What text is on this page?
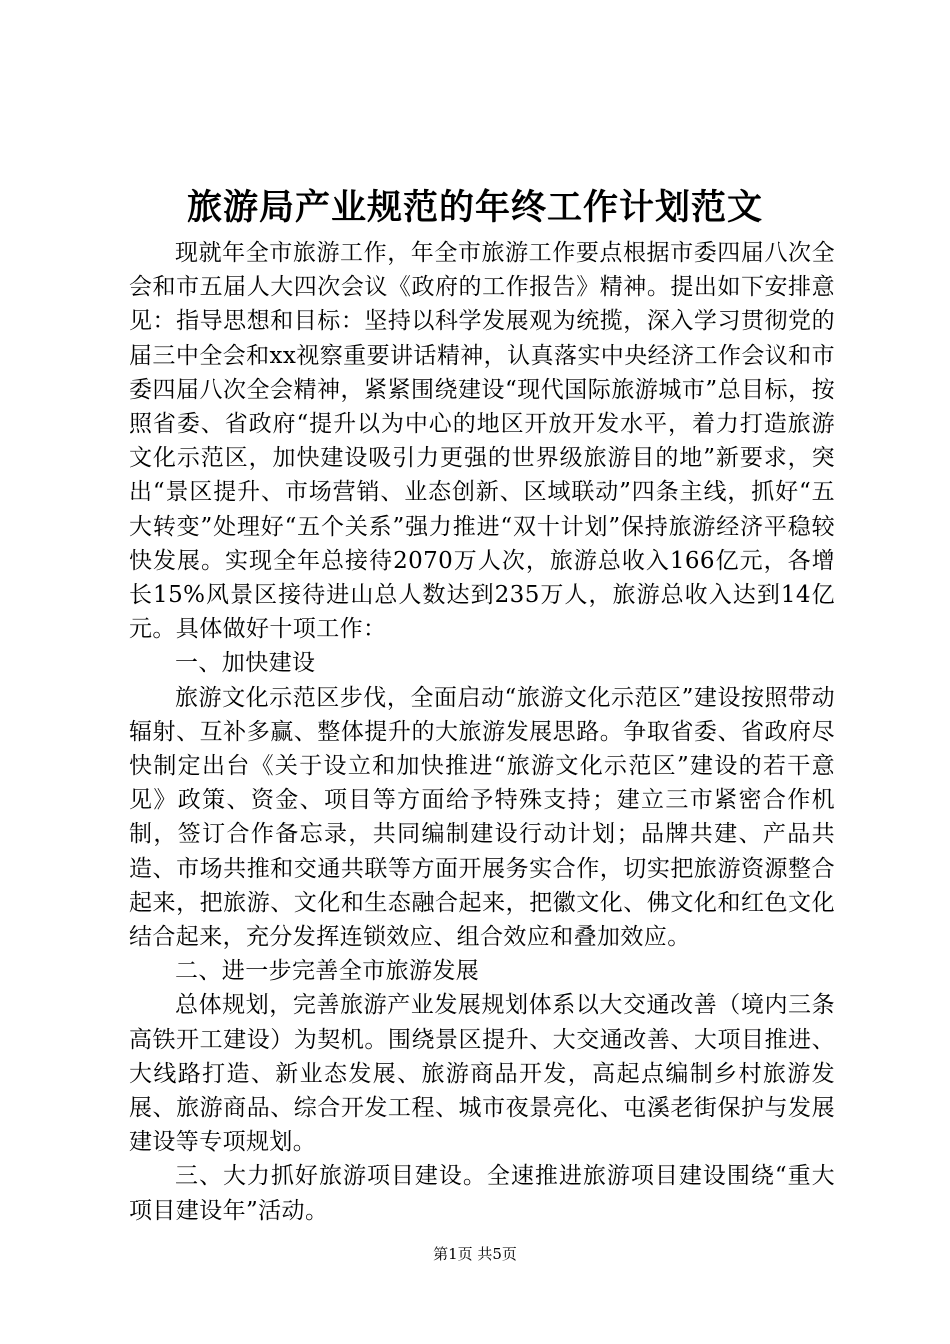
旅游局产业规范的年终工作计划范文

现就年全市旅游工作，年全市旅游工作要点根据市委四届八次全会和市五届人大四次会议《政府的工作报告》精神。提出如下安排意见：指导思想和目标：坚持以科学发展观为统揽，深入学习贯彻党的届三中全会和xx视察重要讲话精神，认真落实中央经济工作会议和市委四届八次全会精神，紧紧围绕建设“现代国际旅游城市”总目标，按照省委、省政府“提升以为中心的地区开放开发水平，着力打造旅游文化示范区，加快建设吸引力更强的世界级旅游目的地”新要求，突出“景区提升、市场营销、业态创新、区域联动”四条主线，抓好“五大转变”处理好“五个关系”强力推进“双十计划”保持旅游经济平稳较快发展。实现全年总接待2070万人次，旅游总收入166亿元，各增长15%风景区接待进山总人数达到235万人，旅游总收入达到14亿元。具体做好十项工作：

一、加快建设

旅游文化示范区步伐，全面启动“旅游文化示范区”建设按照带动辐射、互补多赢、整体提升的大旅游发展思路。争取省委、省政府尽快制定出台《关于设立和加快推进“旅游文化示范区”建设的若干意见》政策、资金、项目等方面给予特殊支持；建立三市紧密合作机制，签订合作备忘录，共同编制建设行动计划；品牌共建、产品共造、市场共推和交通共联等方面开展务实合作，切实把旅游资源整合起来，把旅游、文化和生态融合起来，把徽文化、佛文化和红色文化结合起来，充分发挥连锁效应、组合效应和叠加效应。

二、进一步完善全市旅游发展

总体规划，完善旅游产业发展规划体系以大交通改善（境内三条高铁开工建设）为契机。围绕景区提升、大交通改善、大项目推进、大线路打造、新业态发展、旅游商品开发，高起点编制乡村旅游发展、旅游商品、综合开发工程、城市夜景亮化、屯溪老街保护与发展建设等专项规划。

三、大力抓好旅游项目建设。全速推进旅游项目建设围绕“重大项目建设年”活动。

第1页 共5页
